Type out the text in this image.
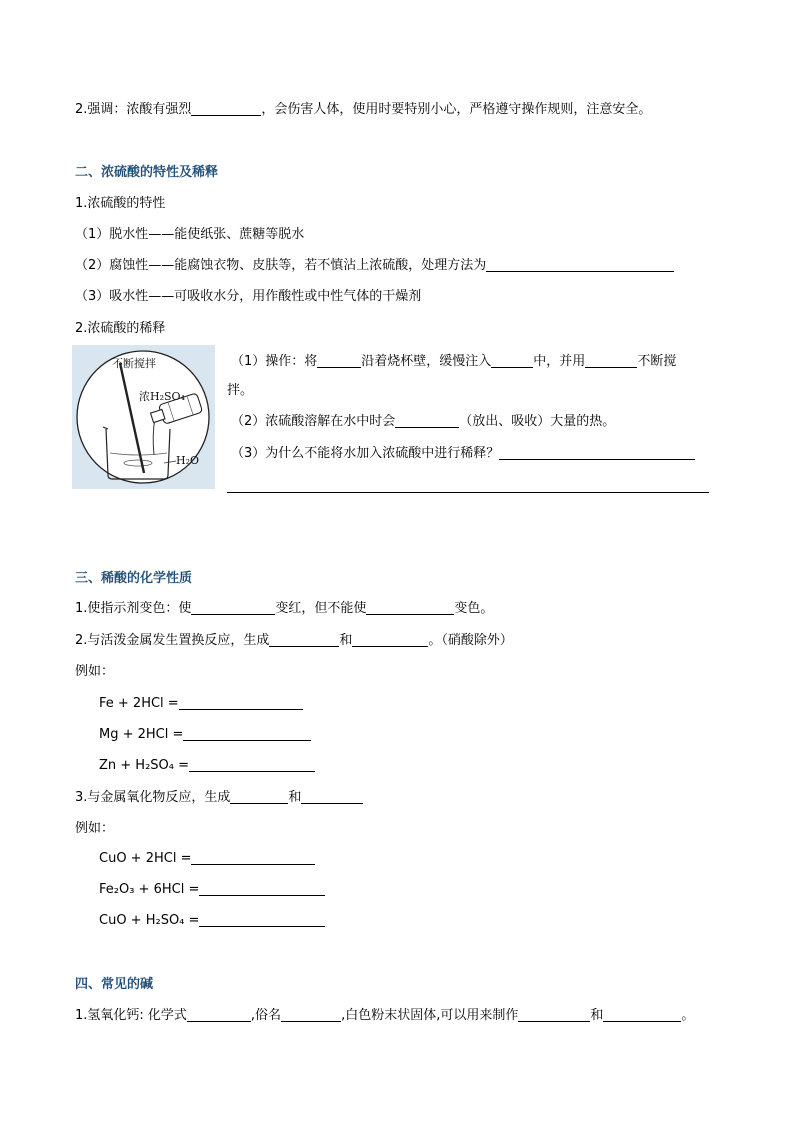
2.强调：浓酸有强烈	，会伤害人体，使用时要特别小心，严格遵守操作规则，注意安全。
二、浓硫酸的特性及稀释
1.浓硫酸的特性
（1）脱水性——能使纸张、蔗糖等脱水
（2）腐蚀性——能腐蚀衣物、皮肤等，若不慎沾上浓硫酸，处理方法为
（3）吸水性——可吸收水分，用作酸性或中性气体的干燥剂
2.浓硫酸的稀释
不断搅拌
浓H₂SO₄
H₂O
（1）操作：将	沿着烧杯壁，缓慢注入	中，并用	不断搅
拌。
（2）浓硫酸溶解在水中时会	（放出、吸收）大量的热。
（3）为什么不能将水加入浓硫酸中进行稀释？
三、稀酸的化学性质
1.使指示剂变色：使	变红，但不能使	变色。
2.与活泼金属发生置换反应，生成	和	。（硝酸除外）
例如：
Fe + 2HCl =
Mg + 2HCl =
Zn + H₂SO₄ =
3.与金属氧化物反应，生成	和
例如：
CuO + 2HCl =
Fe₂O₃ + 6HCl =
CuO + H₂SO₄ =
四、常见的碱
1.氢氧化钙: 化学式	,俗名	,白色粉末状固体,可以用来制作	和	。
